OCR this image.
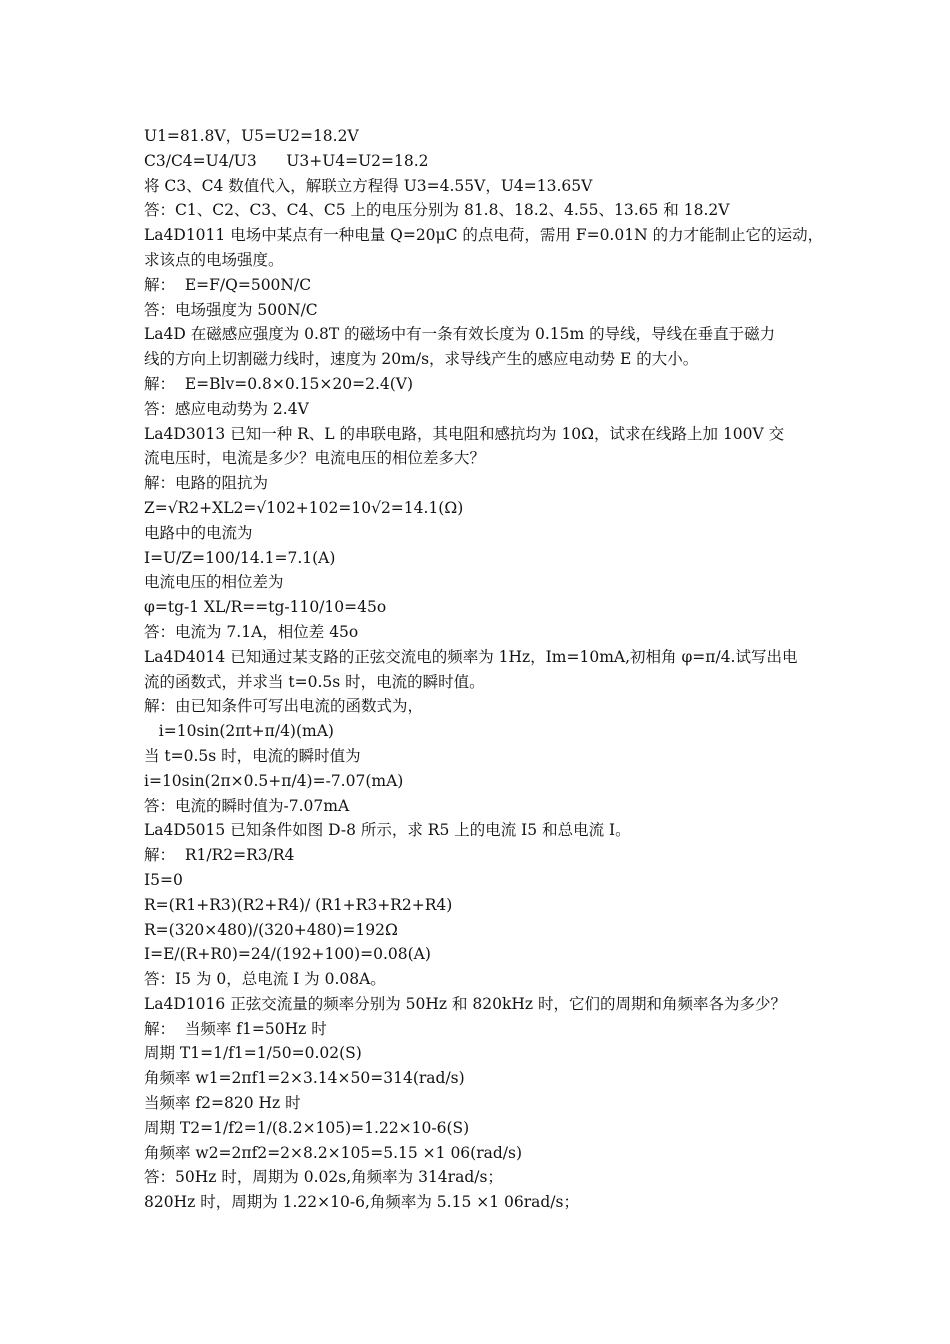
U1=81.8V，U5=U2=18.2V
C3/C4=U4/U3      U3+U4=U2=18.2
将 C3、C4 数值代入，解联立方程得 U3=4.55V，U4=13.65V
答：C1、C2、C3、C4、C5 上的电压分别为 81.8、18.2、4.55、13.65 和 18.2V
La4D1011 电场中某点有一种电量 Q=20μC 的点电荷，需用 F=0.01N 的力才能制止它的运动，
求该点的电场强度。
解：  E=F/Q=500N/C
答：电场强度为 500N/C
La4D 在磁感应强度为 0.8T 的磁场中有一条有效长度为 0.15m 的导线，导线在垂直于磁力
线的方向上切割磁力线时，速度为 20m/s，求导线产生的感应电动势 E 的大小。
解：  E=Blv=0.8×0.15×20=2.4(V)
答：感应电动势为 2.4V
La4D3013 已知一种 R、L 的串联电路，其电阻和感抗均为 10Ω，试求在线路上加 100V 交
流电压时，电流是多少？电流电压的相位差多大？
解：电路的阻抗为
Z=√R2+XL2=√102+102=10√2=14.1(Ω)
电路中的电流为
I=U/Z=100/14.1=7.1(A)
电流电压的相位差为
φ=tg-1 XL/R==tg-110/10=45o
答：电流为 7.1A，相位差 45o
La4D4014 已知通过某支路的正弦交流电的频率为 1Hz，Im=10mA,初相角 φ=π/4.试写出电
流的函数式，并求当 t=0.5s 时，电流的瞬时值。
解：由已知条件可写出电流的函数式为，
i=10sin(2πt+π/4)(mA)
当 t=0.5s 时，电流的瞬时值为
i=10sin(2π×0.5+π/4)=-7.07(mA)
答：电流的瞬时值为-7.07mA
La4D5015 已知条件如图 D-8 所示，求 R5 上的电流 I5 和总电流 I。
解：  R1/R2=R3/R4
I5=0
R=(R1+R3)(R2+R4)/ (R1+R3+R2+R4)
R=(320×480)/(320+480)=192Ω
I=E/(R+R0)=24/(192+100)=0.08(A)
答：I5 为 0，总电流 I 为 0.08A。
La4D1016 正弦交流量的频率分别为 50Hz 和 820kHz 时，它们的周期和角频率各为多少？
解：  当频率 f1=50Hz 时
周期 T1=1/f1=1/50=0.02(S)
角频率 w1=2πf1=2×3.14×50=314(rad/s)
当频率 f2=820 Hz 时
周期 T2=1/f2=1/(8.2×105)=1.22×10-6(S)
角频率 w2=2πf2=2×8.2×105=5.15 ×1 06(rad/s)
答：50Hz 时，周期为 0.02s,角频率为 314rad/s；
820Hz 时，周期为 1.22×10-6,角频率为 5.15 ×1 06rad/s；
